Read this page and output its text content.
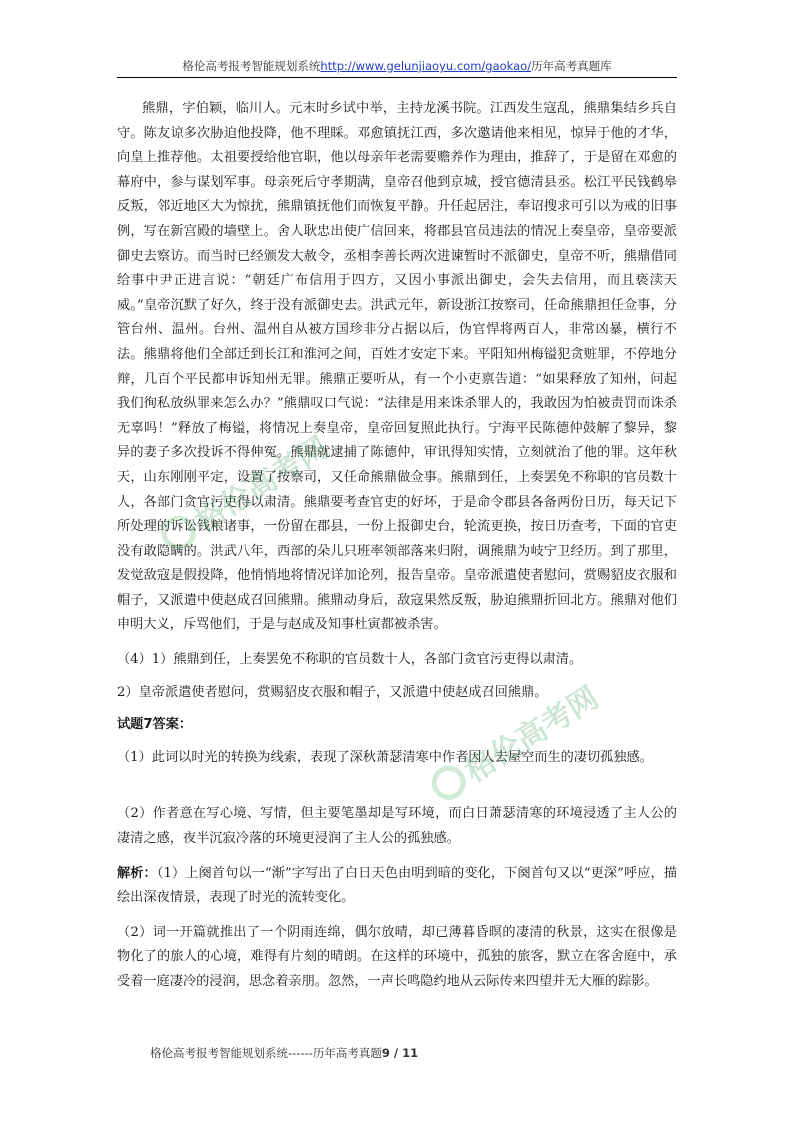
格伦高考报考智能规划系统http://www.gelunjiaoyu.com/gaokao/历年高考真题库

熊鼎，字伯颖，临川人。元末时乡试中举，主持龙溪书院。江西发生寇乱，熊鼎集结乡兵自守。陈友谅多次胁迫他投降，他不理睬。邓愈镇抚江西，多次邀请他来相见，惊异于他的才华，向皇上推荐他。太祖要授给他官职，他以母亲年老需要赡养作为理由，推辞了，于是留在邓愈的幕府中，参与谋划军事。母亲死后守孝期满，皇帝召他到京城，授官德清县丞。松江平民钱鹤皋反叛，邻近地区大为惊扰，熊鼎镇抚他们而恢复平静。升任起居注，奉诏搜求可引以为戒的旧事例，写在新宫殿的墙壁上。舍人耿忠出使广信回来，将郡县官员违法的情况上奏皇帝，皇帝要派御史去察访。而当时已经颁发大赦令，丞相李善长两次进谏暂时不派御史，皇帝不听，熊鼎借同给事中尹正进言说：“朝廷广布信用于四方，又因小事派出御史，会失去信用，而且亵渎天威。”皇帝沉默了好久，终于没有派御史去。洪武元年，新设浙江按察司，任命熊鼎担任佥事，分管台州、温州。台州、温州自从被方国珍非分占据以后，伪官悍将两百人，非常凶暴，横行不法。熊鼎将他们全部迁到长江和淮河之间，百姓才安定下来。平阳知州梅镒犯贪赃罪，不停地分辩，几百个平民都申诉知州无罪。熊鼎正要听从，有一个小吏禀告道：“如果释放了知州，问起我们徇私放纵罪来怎么办？”熊鼎叹口气说：“法律是用来诛杀罪人的，我敢因为怕被责罚而诛杀无辜吗！”释放了梅镒，将情况上奏皇帝，皇帝回复照此执行。宁海平民陈德仲鼓解了黎异，黎异的妻子多次投诉不得伸冤。熊鼎就逮捕了陈德仲，审讯得知实情，立刻就治了他的罪。这年秋天，山东刚刚平定，设置了按察司，又任命熊鼎做佥事。熊鼎到任，上奏罢免不称职的官员数十人，各部门贪官污吏得以肃清。熊鼎要考查官吏的好坏，于是命令郡县各备两份日历，每天记下所处理的诉讼钱粮诸事，一份留在郡县，一份上报御史台，轮流更换，按日历查考，下面的官吏没有敢隐瞒的。洪武八年，西部的朵儿只班率领部落来归附，调熊鼎为岐宁卫经历。到了那里，发觉敌寇是假投降，他悄悄地将情况详加论列，报告皇帝。皇帝派遣使者慰问，赏赐貂皮衣服和帽子，又派遣中使赵成召回熊鼎。熊鼎动身后，敌寇果然反叛，胁迫熊鼎折回北方。熊鼎对他们申明大义，斥骂他们，于是与赵成及知事杜寅都被杀害。

（4）1）熊鼎到任，上奏罢免不称职的官员数十人，各部门贪官污吏得以肃清。

2）皇帝派遣使者慰问，赏赐貂皮衣服和帽子，又派遣中使赵成召回熊鼎。

试题7答案：

（1）此词以时光的转换为线索，表现了深秋萧瑟清寒中作者因人去屋空而生的凄切孤独感。

（2）作者意在写心境、写情，但主要笔墨却是写环境，而白日萧瑟清寒的环境浸透了主人公的凄清之感，夜半沉寂冷落的环境更浸润了主人公的孤独感。

解析：（1）上阕首句以一“渐”字写出了白日天色由明到暗的变化，下阕首句又以“更深”呼应，描绘出深夜情景，表现了时光的流转变化。

（2）词一开篇就推出了一个阴雨连绵，偶尔放晴，却已薄暮昏暝的凄清的秋景，这实在很像是物化了的旅人的心境，难得有片刻的晴朗。在这样的环境中，孤独的旅客，默立在客舍庭中，承受着一庭凄冷的浸润，思念着亲朋。忽然，一声长鸣隐约地从云际传来四望并无大雁的踪影。

格伦高考网
格伦高考网
格伦高考报考智能规划系统------历年高考真题9 / 11
